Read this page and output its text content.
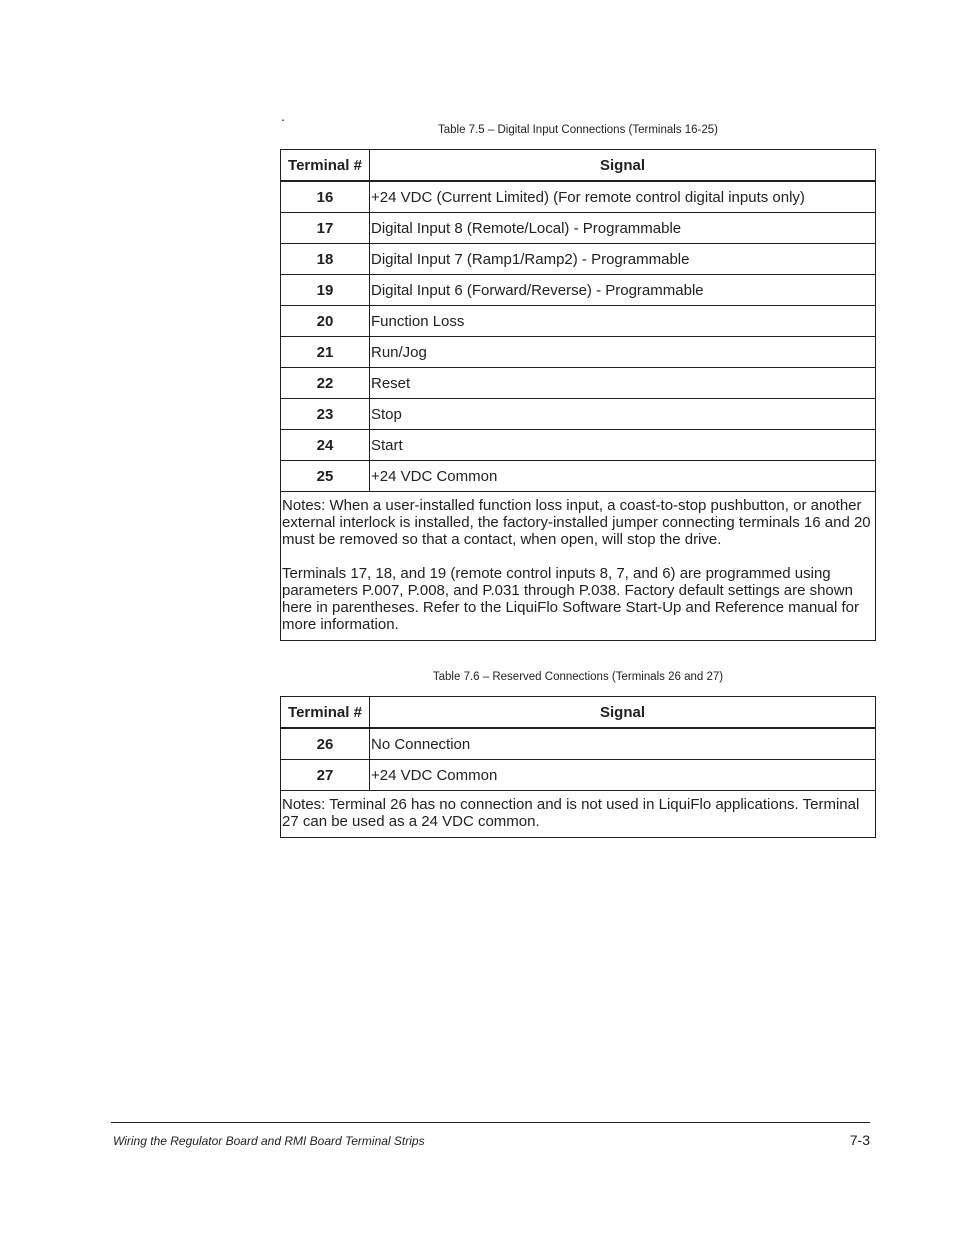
.
Table 7.5 – Digital Input Connections (Terminals 16-25)
Terminal #	Signal
16	+24 VDC (Current Limited) (For remote control digital inputs only)
17	Digital Input 8 (Remote/Local) - Programmable
18	Digital Input 7 (Ramp1/Ramp2) - Programmable
19	Digital Input 6 (Forward/Reverse) - Programmable
20	Function Loss
21	Run/Jog
22	Reset
23	Stop
24	Start
25	+24 VDC Common

Notes: When a user-installed function loss input, a coast-to-stop pushbutton, or another external interlock is installed, the factory-installed jumper connecting terminals 16 and 20 must be removed so that a contact, when open, will stop the drive.

Terminals 17, 18, and 19 (remote control inputs 8, 7, and 6) are programmed using parameters P.007, P.008, and P.031 through P.038. Factory default settings are shown here in parentheses. Refer to the LiquiFlo Software Start-Up and Reference manual for more information.	

Table 7.6 – Reserved Connections (Terminals 26 and 27)
Terminal #	Signal
26	No Connection
27	+24 VDC Common

Notes: Terminal 26 has no connection and is not used in LiquiFlo applications. Terminal 27 can be used as a 24 VDC common.	

Wiring the Regulator Board and RMI Board Terminal Strips	7-3
